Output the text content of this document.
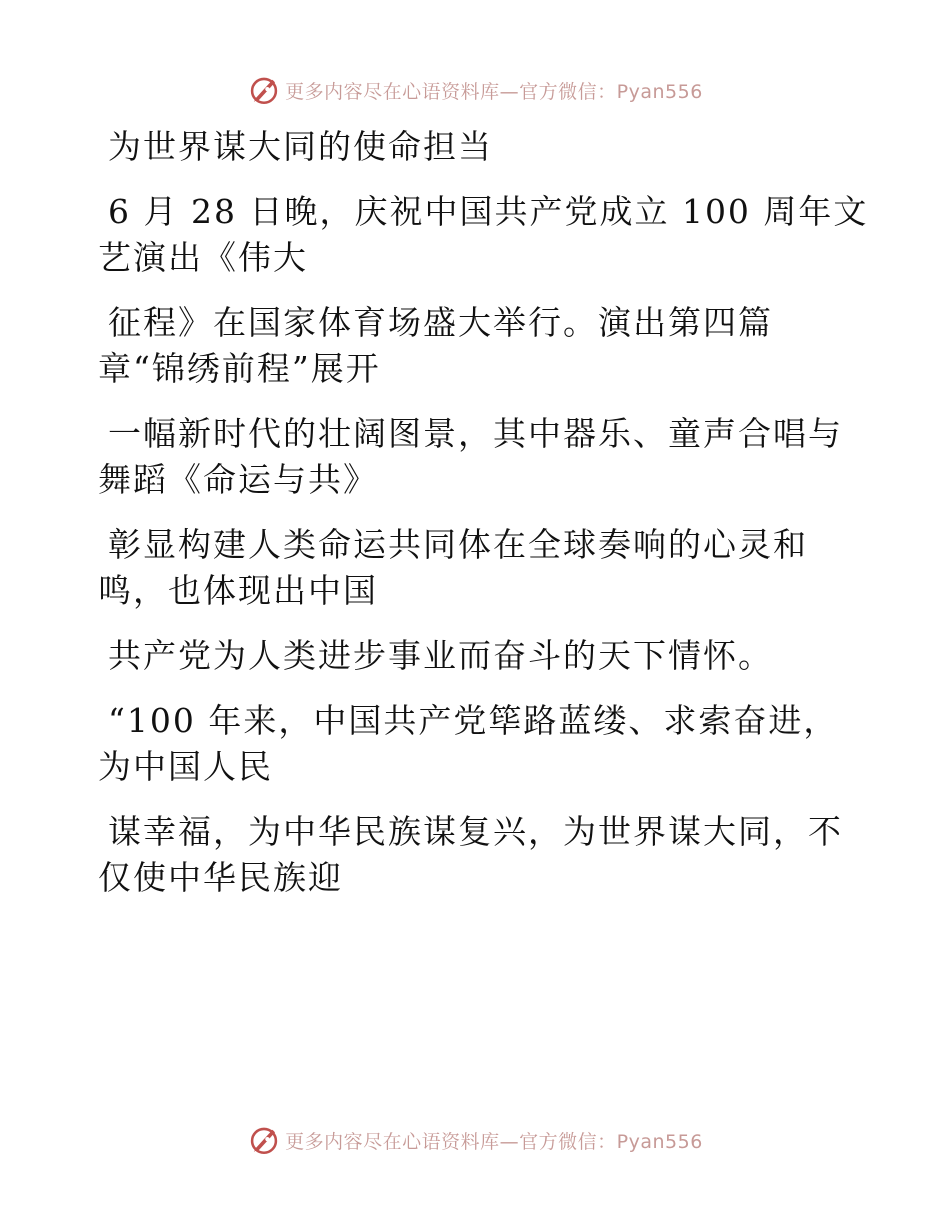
更多内容尽在心语资料库—官方微信：Pyan556

为世界谋大同的使命担当

6 月 28 日晚，庆祝中国共产党成立 100 周年文

艺演出《伟大

征程》在国家体育场盛大举行。演出第四篇

章“锦绣前程”展开

一幅新时代的壮阔图景，其中器乐、童声合唱与

舞蹈《命运与共》

彰显构建人类命运共同体在全球奏响的心灵和

鸣，也体现出中国

共产党为人类进步事业而奋斗的天下情怀。

“100 年来，中国共产党筚路蓝缕、求索奋进，

为中国人民

谋幸福，为中华民族谋复兴，为世界谋大同，不

仅使中华民族迎

更多内容尽在心语资料库—官方微信：Pyan556
